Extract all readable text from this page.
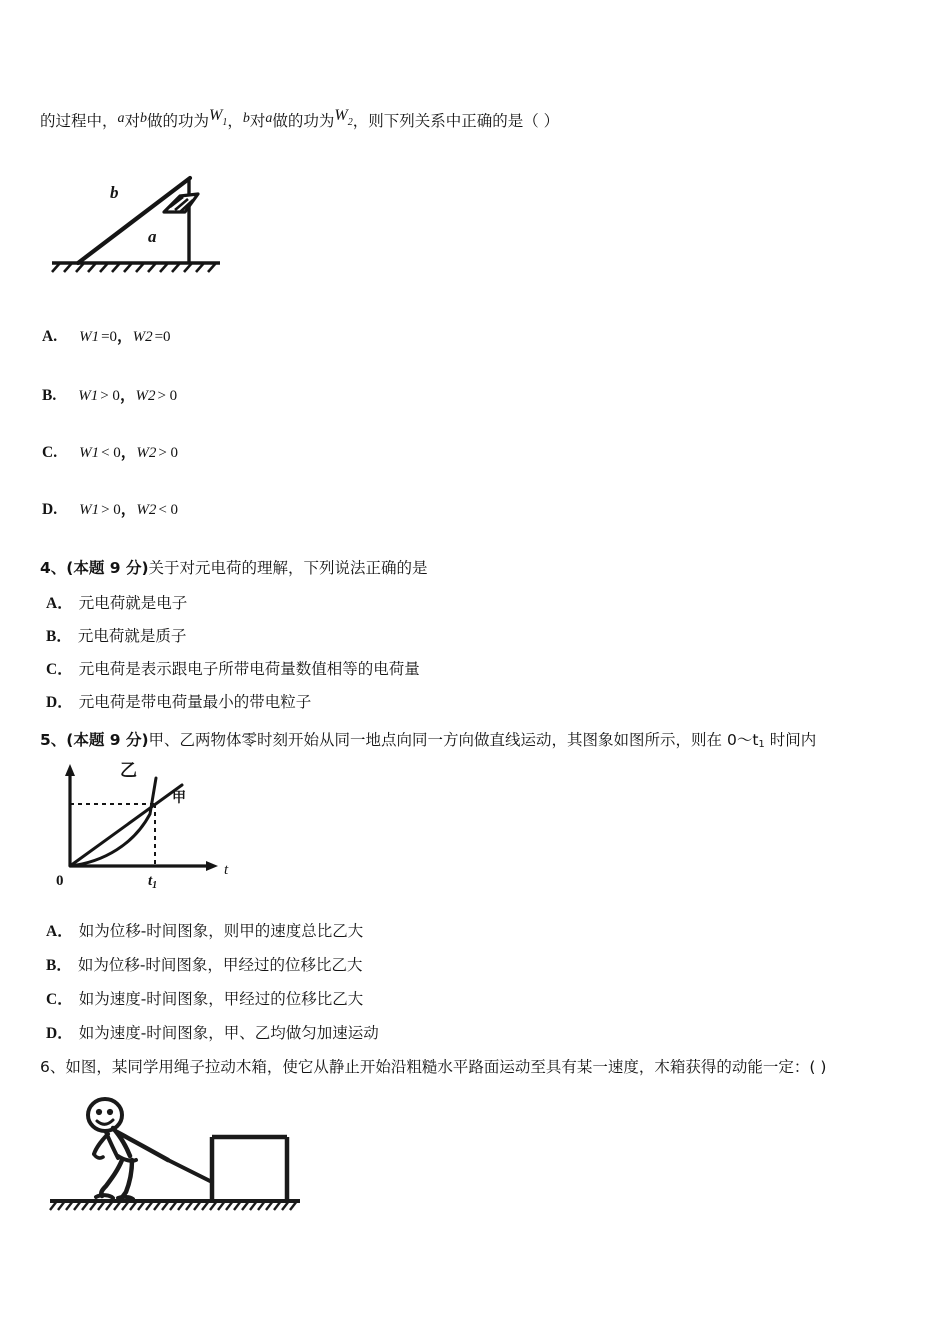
的过程中，a对b做的功为W1，b对a做的功为W2，则下列关系中正确的是（ ）
b
a
A. W1 =0，W2 =0
B. W1 > 0，W2 > 0
C. W1 < 0，W2 > 0
D. W1 > 0，W2 < 0
4、(本题 9 分)关于对元电荷的理解，下列说法正确的是
A． 元电荷就是电子
B． 元电荷就是质子
C． 元电荷是表示跟电子所带电荷量数值相等的电荷量
D． 元电荷是带电荷量最小的带电粒子
5、(本题 9 分)甲、乙两物体零时刻开始从同一地点向同一方向做直线运动，其图象如图所示，则在 0～t1 时间内
乙
甲
0	$t_1$
t
A． 如为位移-时间图象，则甲的速度总比乙大
B． 如为位移-时间图象，甲经过的位移比乙大
C． 如为速度-时间图象，甲经过的位移比乙大
D． 如为速度-时间图象，甲、乙均做匀加速运动
6、如图，某同学用绳子拉动木箱，使它从静止开始沿粗糙水平路面运动至具有某一速度，木箱获得的动能一定：( )
